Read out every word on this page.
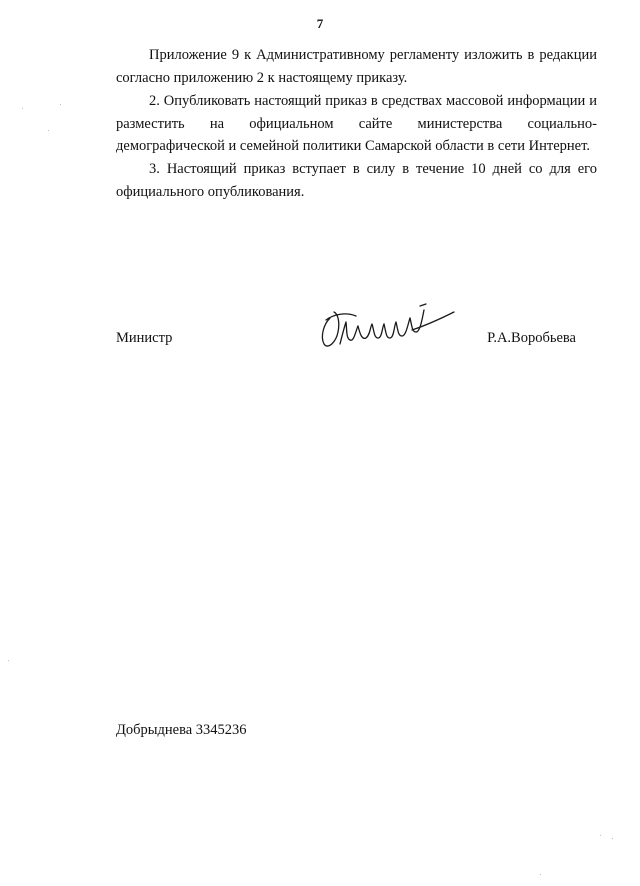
7

Приложение 9 к Административному регламенту изложить в редакции согласно приложению 2 к настоящему приказу.

2. Опубликовать настоящий приказ в средствах массовой информации и разместить на официальном сайте министерства социально-демографической и семейной политики Самарской области в сети Интернет.

3. Настоящий приказ вступает в силу в течение 10 дней со для его официального опубликования.

Министр	Р.А.Воробьева
Добрыднева 3345236
